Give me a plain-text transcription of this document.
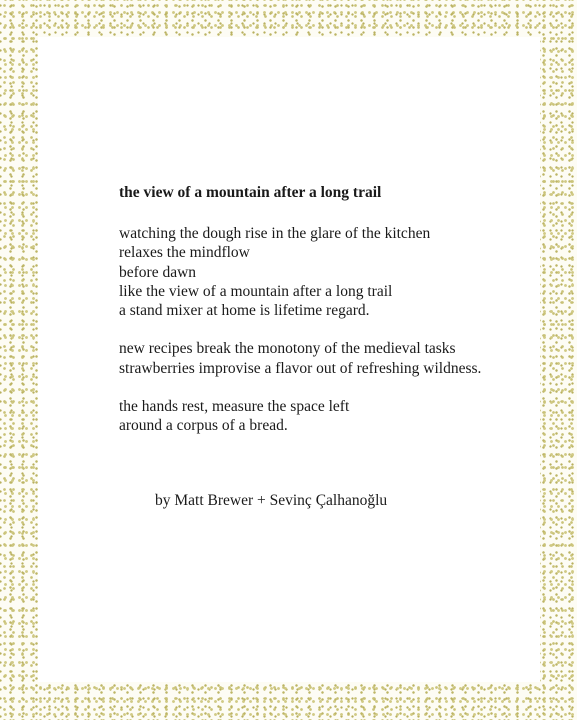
the view of a mountain after a long trail
watching the dough rise in the glare of the kitchen
relaxes the mindflow
before dawn
like the view of a mountain after a long trail
a stand mixer at home is lifetime regard.
new recipes break the monotony of the medieval tasks
strawberries improvise a flavor out of refreshing wildness.
the hands rest, measure the space left
around a corpus of a bread.
by Matt Brewer + Sevinç Çalhanoğlu
